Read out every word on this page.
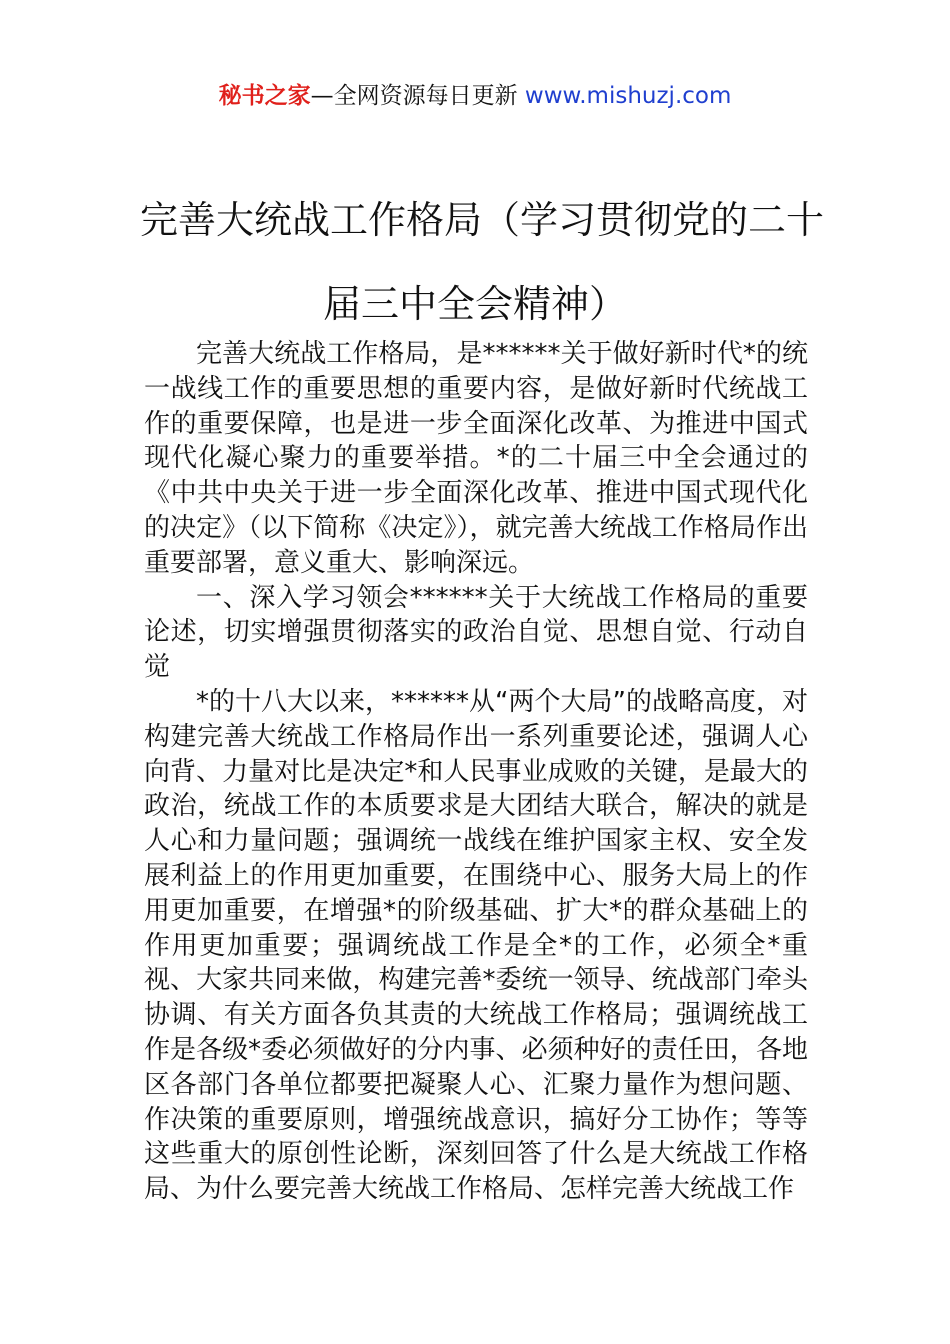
秘书之家—全网资源每日更新 www.mishuzj.com
完善大统战工作格局（学习贯彻党的二十
届三中全会精神）

完善大统战工作格局，是******关于做好新时代*的统一战线工作的重要思想的重要内容，是做好新时代统战工作的重要保障，也是进一步全面深化改革、为推进中国式现代化凝心聚力的重要举措。*的二十届三中全会通过的《中共中央关于进一步全面深化改革、推进中国式现代化的决定》（以下简称《决定》），就完善大统战工作格局作出重要部署，意义重大、影响深远。

一、深入学习领会******关于大统战工作格局的重要论述，切实增强贯彻落实的政治自觉、思想自觉、行动自觉

*的十八大以来，******从“两个大局”的战略高度，对构建完善大统战工作格局作出一系列重要论述，强调人心向背、力量对比是决定*和人民事业成败的关键，是最大的政治，统战工作的本质要求是大团结大联合，解决的就是人心和力量问题；强调统一战线在维护国家主权、安全发展利益上的作用更加重要，在围绕中心、服务大局上的作用更加重要，在增强*的阶级基础、扩大*的群众基础上的作用更加重要；强调统战工作是全*的工作，必须全*重视、大家共同来做，构建完善*委统一领导、统战部门牵头协调、有关方面各负其责的大统战工作格局；强调统战工作是各级*委必须做好的分内事、必须种好的责任田，各地区各部门各单位都要把凝聚人心、汇聚力量作为想问题、作决策的重要原则，增强统战意识，搞好分工协作；等等这些重大的原创性论断，深刻回答了什么是大统战工作格局、为什么要完善大统战工作格局、怎样完善大统战工作
